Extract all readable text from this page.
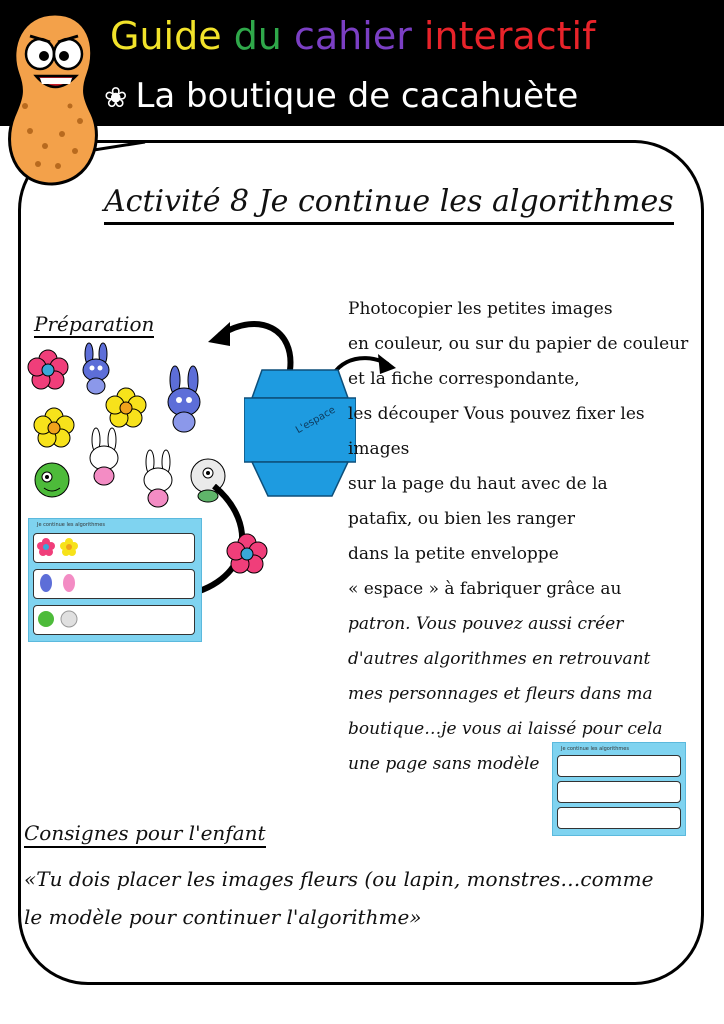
Guide du cahier interactif
❀ La boutique de cacahuète
Activité 8 Je continue les algorithmes
Préparation
L'espace
Je continue les algorithmes
Photocopier les petites images
en couleur, ou sur du papier de couleur
et la fiche correspondante,
les découper Vous pouvez fixer les
images
sur la page du haut avec de la
patafix, ou bien les ranger
dans la petite enveloppe
« espace » à fabriquer grâce au
patron. Vous pouvez aussi créer
d'autres algorithmes en retrouvant
mes personnages et fleurs dans ma
boutique…je vous ai laissé pour cela
une page sans modèle
Je continue les algorithmes
Consignes pour l'enfant
«Tu dois placer les images fleurs (ou lapin, monstres…comme
le modèle pour continuer l'algorithme»
